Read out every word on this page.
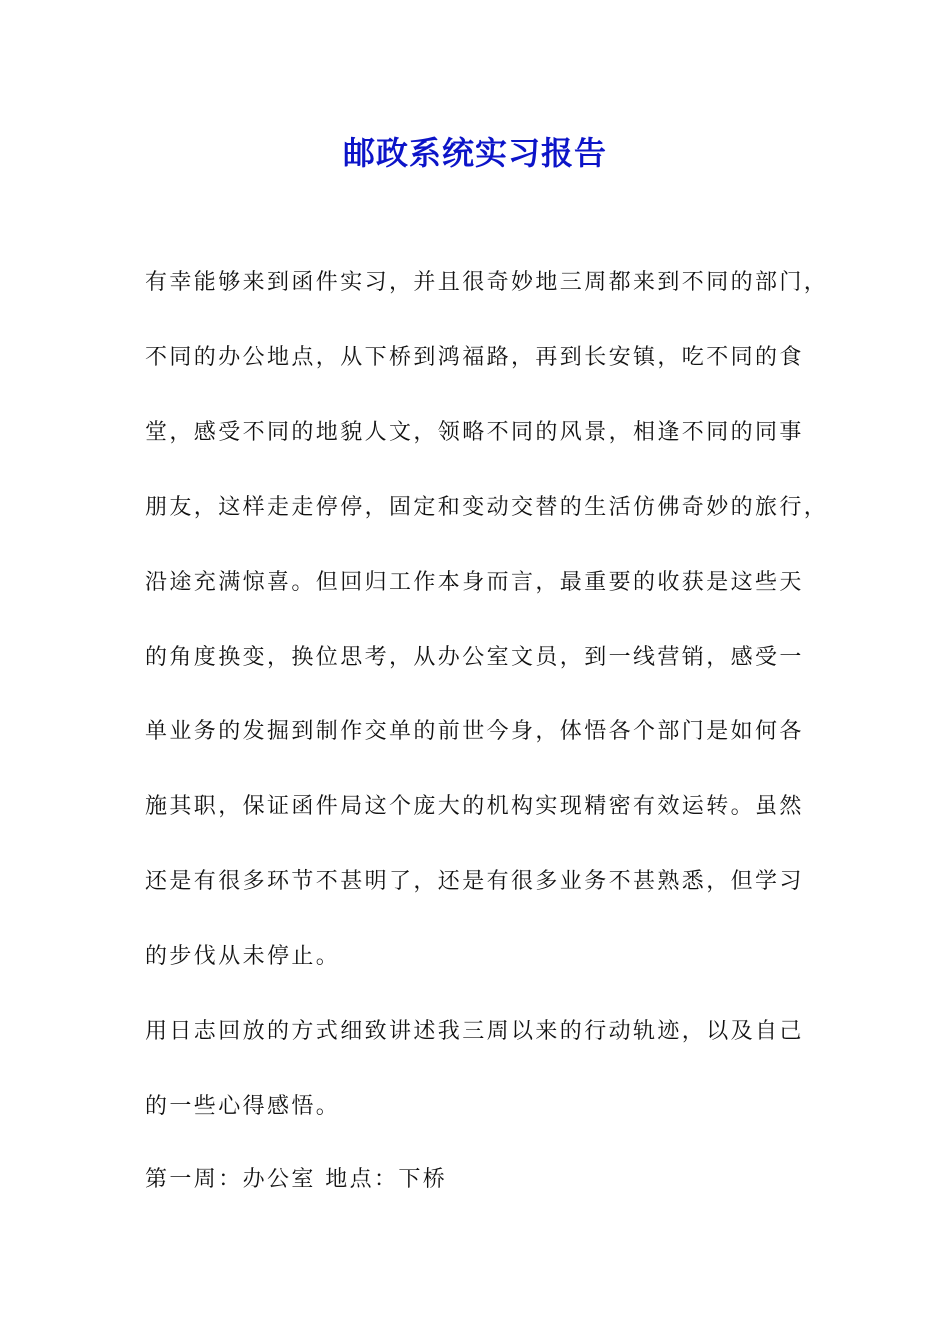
邮政系统实习报告
有幸能够来到函件实习，并且很奇妙地三周都来到不同的部门，
不同的办公地点，从下桥到鸿福路，再到长安镇，吃不同的食
堂，感受不同的地貌人文，领略不同的风景，相逢不同的同事
朋友，这样走走停停，固定和变动交替的生活仿佛奇妙的旅行，
沿途充满惊喜。但回归工作本身而言，最重要的收获是这些天
的角度换变，换位思考，从办公室文员，到一线营销，感受一
单业务的发掘到制作交单的前世今身，体悟各个部门是如何各
施其职，保证函件局这个庞大的机构实现精密有效运转。虽然
还是有很多环节不甚明了，还是有很多业务不甚熟悉，但学习
的步伐从未停止。
用日志回放的方式细致讲述我三周以来的行动轨迹，以及自己
的一些心得感悟。
第一周：办公室 地点：下桥
